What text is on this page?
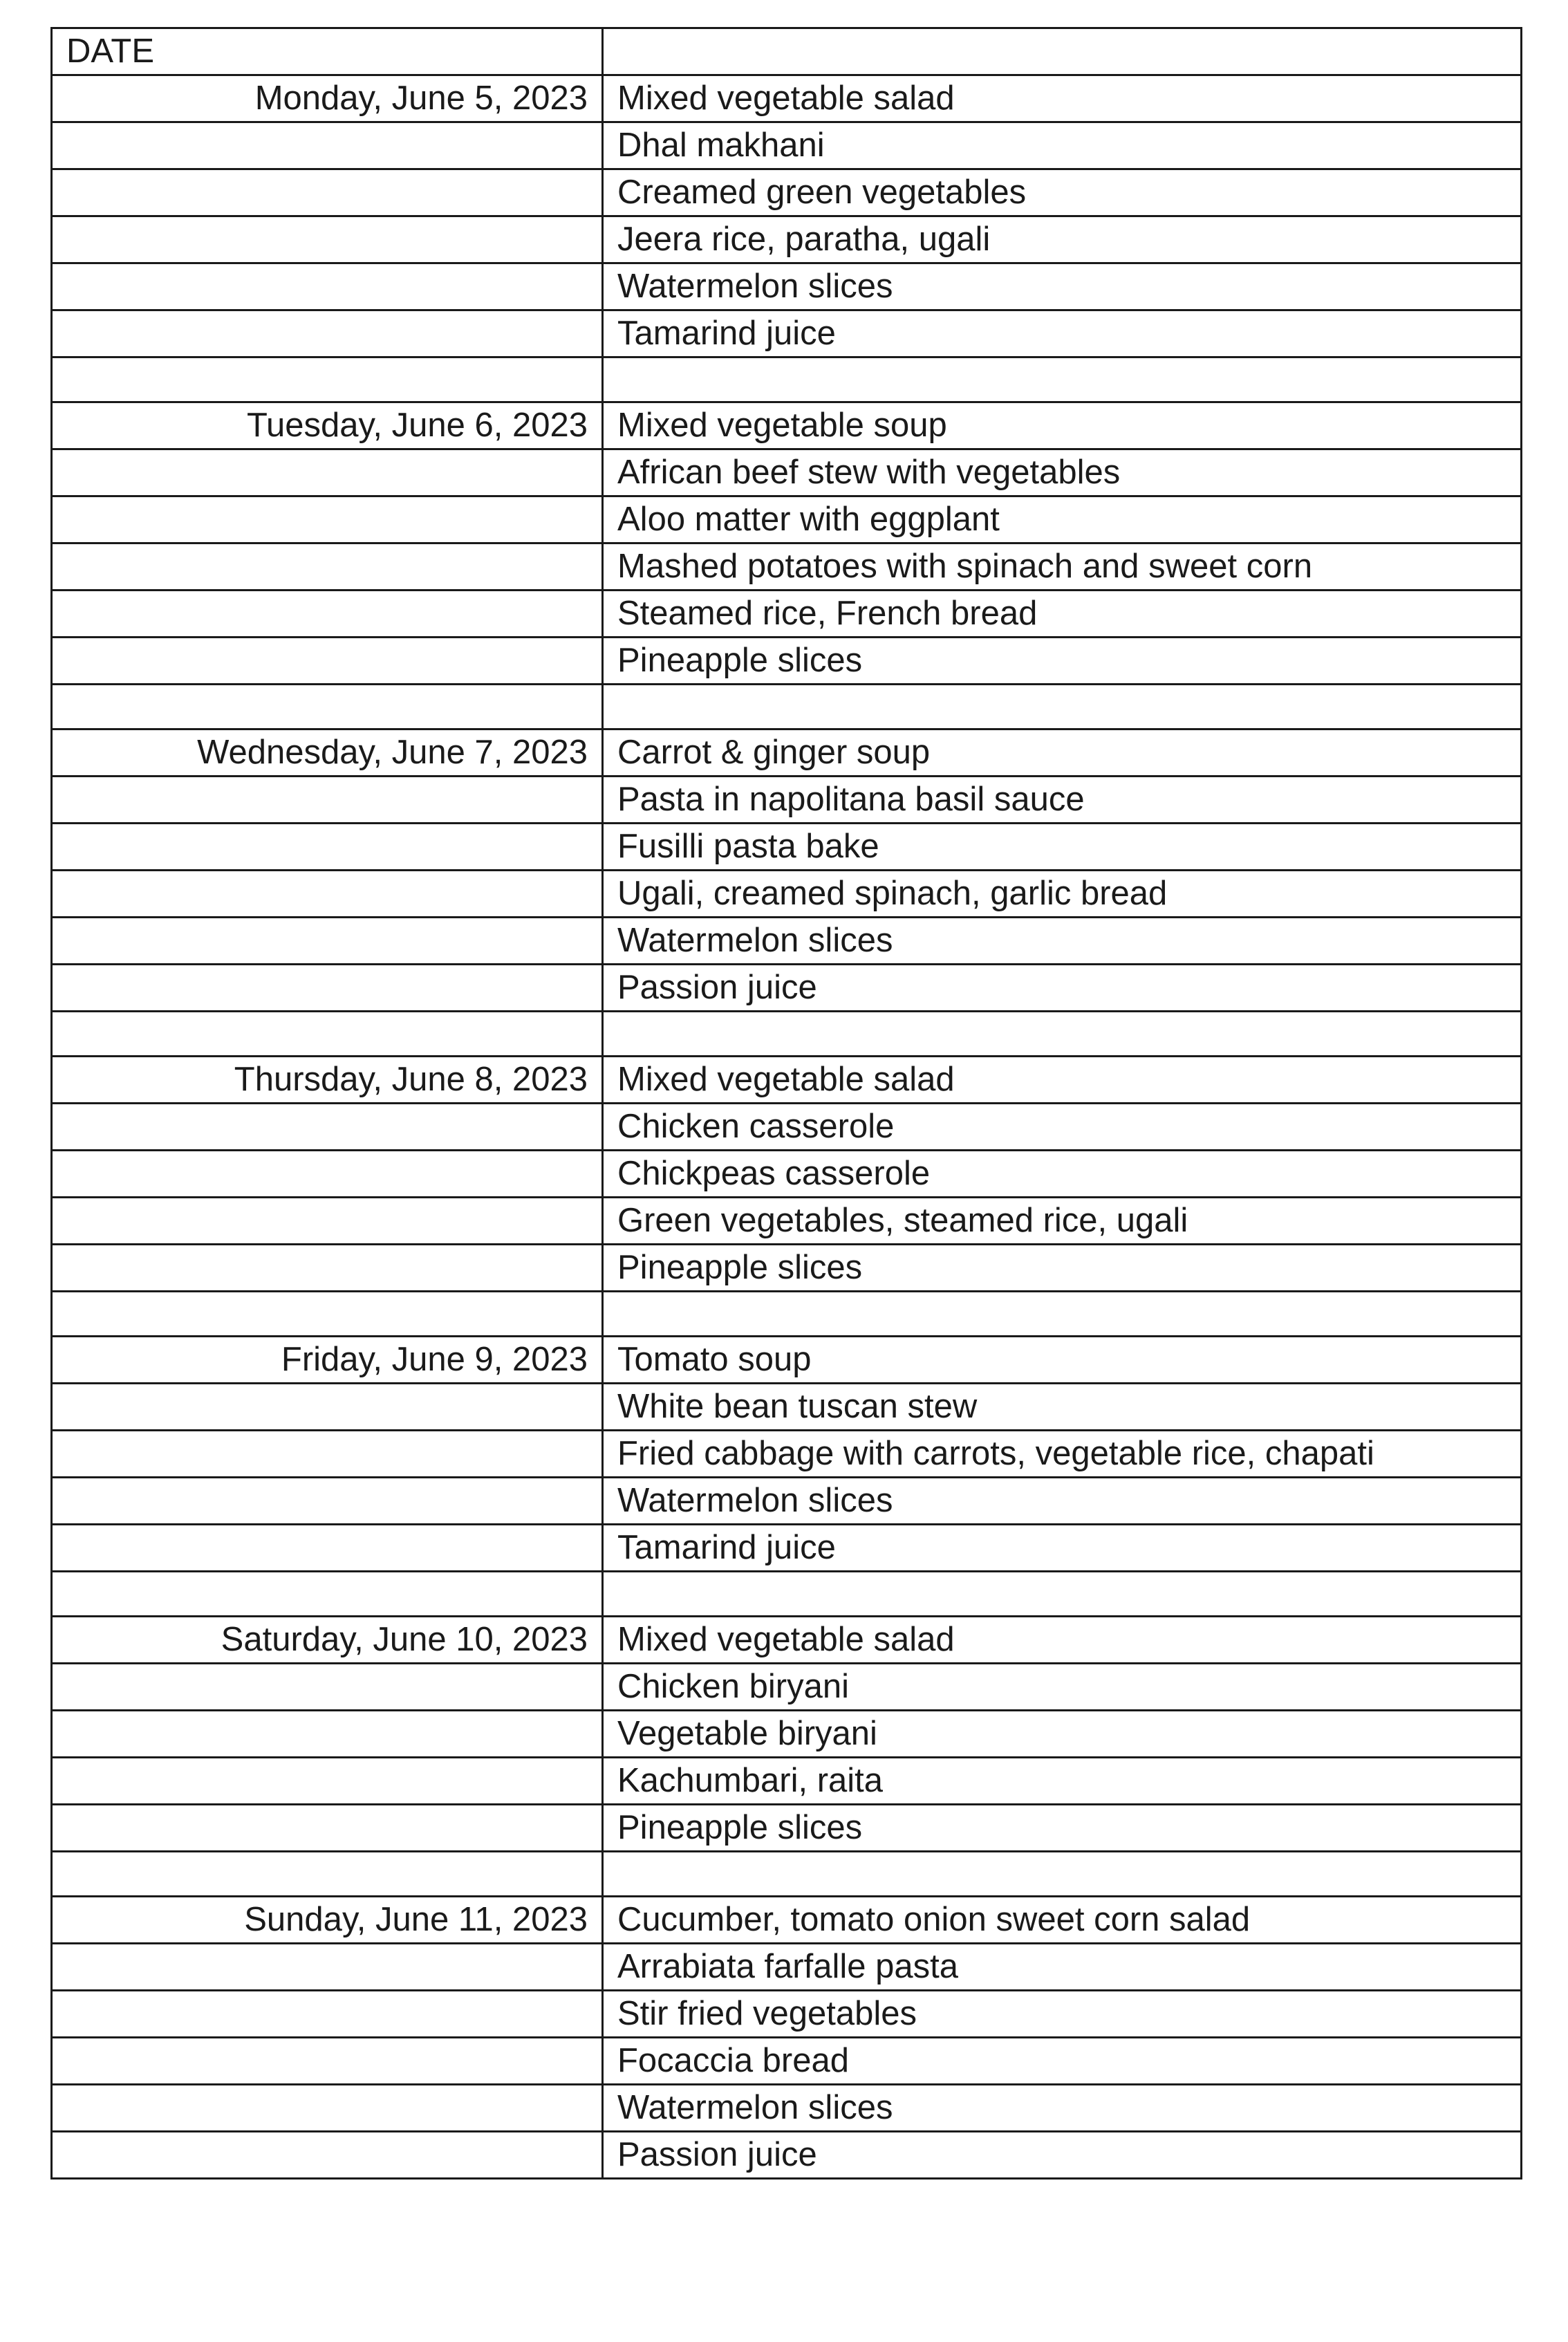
DATE	
Monday, June 5, 2023	Mixed vegetable salad
	Dhal makhani
	Creamed green vegetables
	Jeera rice, paratha, ugali
	Watermelon slices
	Tamarind juice

Tuesday, June 6, 2023	Mixed vegetable soup
	African beef stew with vegetables
	Aloo matter with eggplant
	Mashed potatoes with spinach and sweet corn
	Steamed rice, French bread
	Pineapple slices

Wednesday, June 7, 2023	Carrot & ginger soup
	Pasta in napolitana basil sauce
	Fusilli pasta bake
	Ugali, creamed spinach, garlic bread
	Watermelon slices
	Passion juice

Thursday, June 8, 2023	Mixed vegetable salad
	Chicken casserole
	Chickpeas casserole
	Green vegetables, steamed rice, ugali
	Pineapple slices

Friday, June 9, 2023	Tomato soup
	White bean tuscan stew
	Fried cabbage with carrots, vegetable rice, chapati
	Watermelon slices
	Tamarind juice

Saturday, June 10, 2023	Mixed vegetable salad
	Chicken biryani
	Vegetable biryani
	Kachumbari, raita
	Pineapple slices

Sunday, June 11, 2023	Cucumber, tomato onion sweet corn salad
	Arrabiata farfalle pasta
	Stir fried vegetables
	Focaccia bread
	Watermelon slices
	Passion juice
